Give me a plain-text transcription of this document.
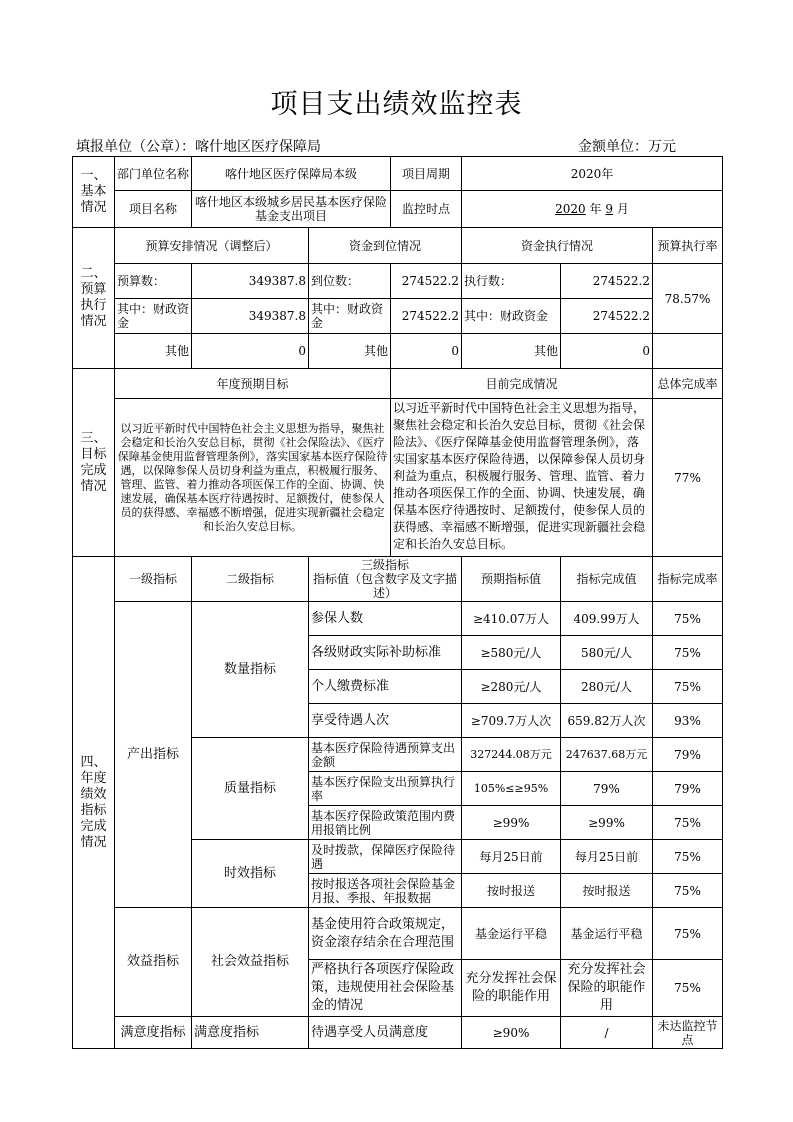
项目支出绩效监控表
填报单位（公章）：喀什地区医疗保障局	金额单位：万元
一、基本情况	部门单位名称	喀什地区医疗保障局本级		项目周期	2020年		
	项目名称	喀什地区本级城乡居民基本医疗保险基金支出项目		监控时点	2020 年 9 月		
二、预算执行情况	预算安排情况（调整后）		资金到位情况		资金执行情况		预算执行率
	预算数：	349387.8	到位数：	274522.2	执行数：	274522.2	78.57%
	其中：财政资金	349387.8	其中：财政资金	274522.2	其中：财政资金	274522.2	
	其他	0	其他	0	其他	0	
三、目标完成情况	年度预期目标			目前完成情况			总体完成率
	以习近平新时代中国特色社会主义思想为指导，聚焦社会稳定和长治久安总目标，贯彻《社会保险法》、《医疗保障基金使用监督管理条例》，落实国家基本医疗保险待遇，以保障参保人员切身利益为重点，积极履行服务、管理、监管、着力推动各项医保工作的全面、协调、快速发展，确保基本医疗待遇按时、足额拨付，使参保人员的获得感、幸福感不断增强，促进实现新疆社会稳定和长治久安总目标。			以习近平新时代中国特色社会主义思想为指导，聚焦社会稳定和长治久安总目标，贯彻《社会保险法》、《医疗保障基金使用监督管理条例》，落实国家基本医疗保险待遇，以保障参保人员切身利益为重点，积极履行服务、管理、监管、着力推动各项医保工作的全面、协调、快速发展，确保基本医疗待遇按时、足额拨付，使参保人员的获得感、幸福感不断增强，促进实现新疆社会稳定和长治久安总目标。			77%
四、年度绩效指标完成情况	一级指标	二级指标	三级指标
指标值（包含数字及文字描述）		预期指标值	指标完成值	指标完成率
	产出指标	数量指标	参保人数		≥410.07万人	409.99万人	75%
			各级财政实际补助标准		≥580元/人	580元/人	75%
			个人缴费标准		≥280元/人	280元/人	75%
			享受待遇人次		≥709.7万人次	659.82万人次	93%
		质量指标	基本医疗保险待遇预算支出金额		327244.08万元	247637.68万元	79%
			基本医疗保险支出预算执行率		105%≤≥95%	79%	79%
			基本医疗保险政策范围内费用报销比例		≥99%	≥99%	75%
		时效指标	及时拨款，保障医疗保险待遇		每月25日前	每月25日前	75%
			按时报送各项社会保险基金月报、季报、年报数据		按时报送	按时报送	75%
	效益指标	社会效益指标	基金使用符合政策规定，资金滚存结余在合理范围		基金运行平稳	基金运行平稳	75%
			严格执行各项医疗保险政策，违规使用社会保险基金的情况		充分发挥社会保险的职能作用	充分发挥社会保险的职能作用	75%
	满意度指标	满意度指标	待遇享受人员满意度		≥90%	/	未达监控节点
